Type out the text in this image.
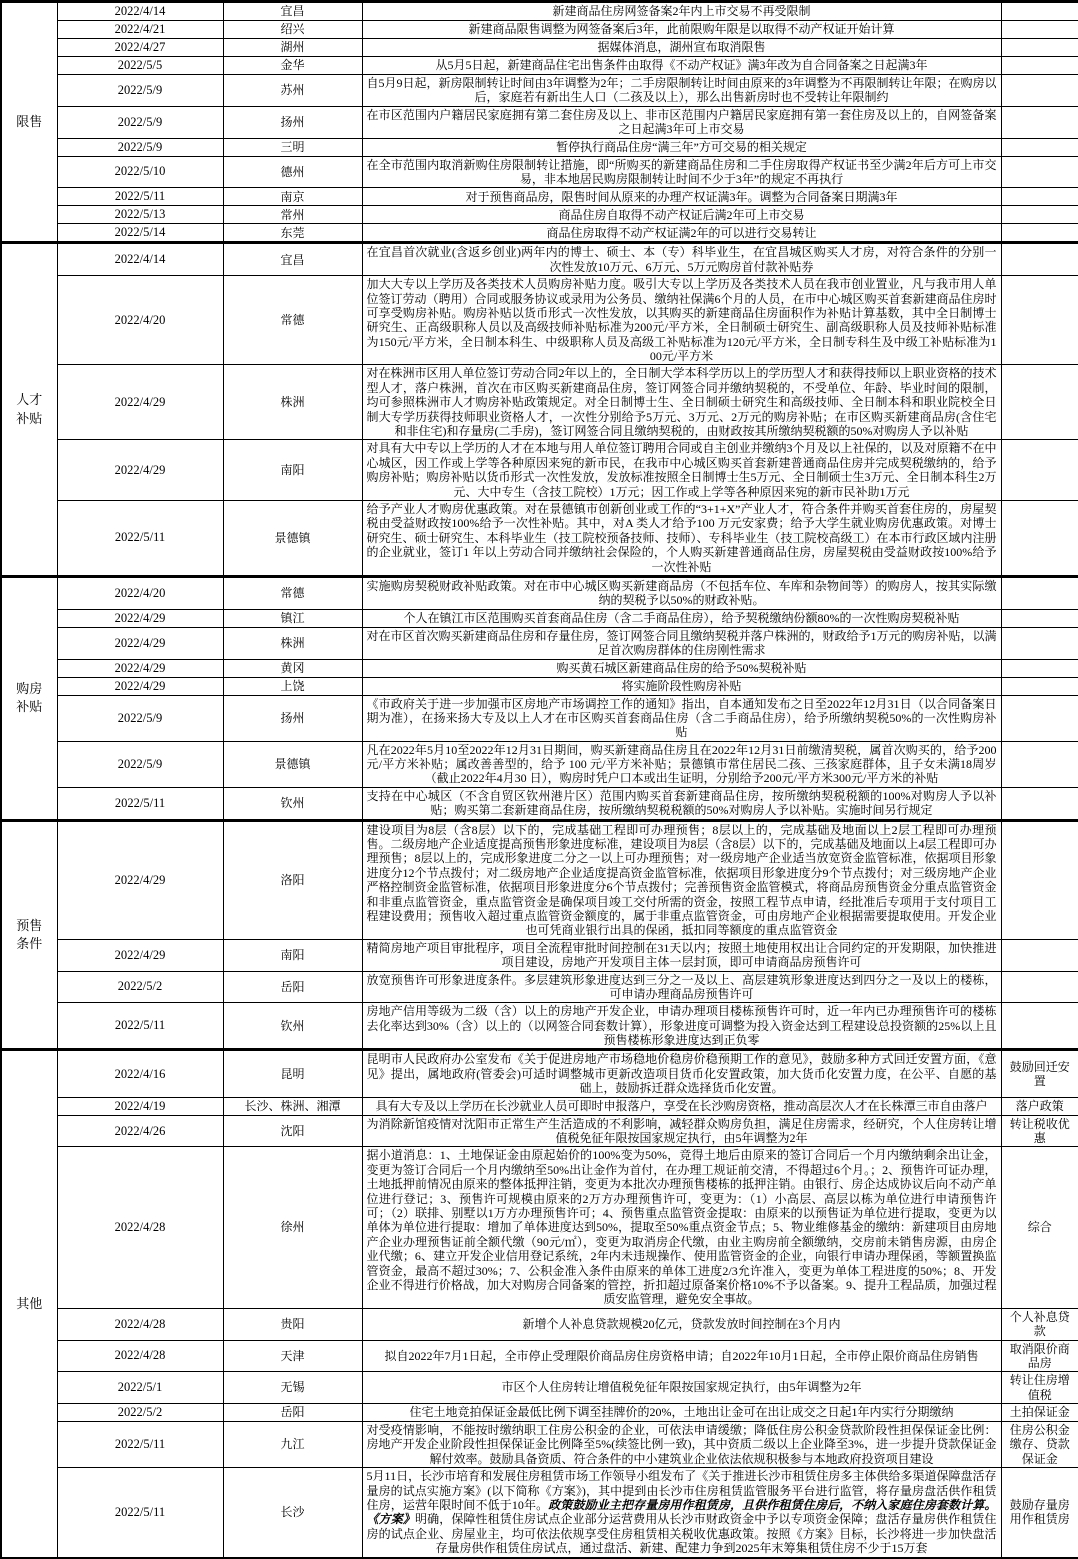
限售	2022/4/14	宜昌	新建商品住房网签备案2年内上市交易不再受限制	
	2022/4/21	绍兴	新建商品限售调整为网签备案后3年，此前限购年限是以取得不动产权证开始计算	
	2022/4/27	湖州	据媒体消息，湖州宣布取消限售	
	2022/5/5	金华	从5月5日起，新建商品住宅出售条件由取得《不动产权证》满3年改为自合同备案之日起满3年	
	2022/5/9	苏州	自5月9日起，新房限制转让时间由3年调整为2年；二手房限制转让时间由原来的3年调整为不再限制转让年限；在购房以后，家庭若有新出生人口（二孩及以上），那么出售新房时也不受转让年限制约	
	2022/5/9	扬州	在市区范围内户籍居民家庭拥有第二套住房及以上、非市区范围内户籍居民家庭拥有第一套住房及以上的，自网签备案之日起满3年可上市交易	
	2022/5/9	三明	暂停执行商品住房“满三年”方可交易的相关规定	
	2022/5/10	德州	在全市范围内取消新购住房限制转让措施，即“所购买的新建商品住房和二手住房取得产权证书至少满2年后方可上市交易，非本地居民购房限制转让时间不少于3年”的规定不再执行	
	2022/5/11	南京	对于预售商品房，限售时间从原来的办理产权证满3年。调整为合同备案日期满3年	
	2022/5/13	常州	商品住房自取得不动产权证后满2年可上市交易	
	2022/5/14	东莞	商品住房取得不动产权证满2年的可以进行交易转让	
人才补贴	2022/4/14	宜昌	在宜昌首次就业(含返乡创业)两年内的博士、硕士、本（专）科毕业生，在宜昌城区购买人才房，对符合条件的分别一次性发放10万元、6万元、5万元购房首付款补贴券	
	2022/4/20	常德	加大大专以上学历及各类技术人员购房补贴力度。吸引大专以上学历及各类技术人员在我市创业置业，凡与我市用人单位签订劳动（聘用）合同或服务协议或录用为公务员、缴纳社保满6个月的人员，在市中心城区购买首套新建商品住房时可享受购房补贴。购房补贴以货币形式一次性发放，以其购买的新建商品住房面积作为补贴计算基数，其中全日制博士研究生、正高级职称人员以及高级技师补贴标准为200元/平方米，全日制硕士研究生、副高级职称人员及技师补贴标准为150元/平方米，全日制本科生、中级职称人员及高级工补贴标准为120元/平方米，全日制专科生及中级工补贴标准为100元/平方米	
	2022/4/29	株洲	对在株洲市区用人单位签订劳动合同2年以上的，全日制大学本科学历以上的学历型人才和获得技师以上职业资格的技术型人才，落户株洲，首次在市区购买新建商品住房，签订网签合同并缴纳契税的，不受单位、年龄、毕业时间的限制，均可参照株洲市人才购房补贴政策规定。对全日制博士生、全日制硕士研究生和高级技师、全日制本科和职业院校全日制大专学历获得技师职业资格人才，一次性分别给予5万元、3万元、2万元的购房补贴；在市区购买新建商品房(含住宅和非住宅)和存量房(二手房)，签订网签合同且缴纳契税的，由财政按其所缴纳契税额的50%对购房人予以补贴	
	2022/4/29	南阳	对具有大中专以上学历的人才在本地与用人单位签订聘用合同或自主创业并缴纳3个月及以上社保的，以及对原籍不在中心城区，因工作或上学等各种原因来宛的新市民，在我市中心城区购买首套新建普通商品住房并完成契税缴纳的，给予购房补贴；购房补贴以货币形式一次性发放，发放标准按照全日制博士生5万元、全日制硕士生3万元、全日制本科生2万元、大中专生（含技工院校）1万元；因工作或上学等各种原因来宛的新市民补助1万元	
	2022/5/11	景德镇	给予产业人才购房优惠政策。对在景德镇市创新创业或工作的“3+1+X”产业人才，符合条件并购买首套住房的，房屋契税由受益财政按100%给予一次性补贴。其中，对A 类人才给予100 万元安家费；给予大学生就业购房优惠政策。对博士研究生、硕士研究生、本科毕业生（技工院校预备技师、技师）、专科毕业生（技工院校高级工）在本市行政区域内注册的企业就业，签订1 年以上劳动合同并缴纳社会保险的，个人购买新建普通商品住房，房屋契税由受益财政按100%给予一次性补贴	
购房补贴	2022/4/20	常德	实施购房契税财政补贴政策。对在市中心城区购买新建商品房（不包括车位、车库和杂物间等）的购房人，按其实际缴纳的契税予以50%的财政补贴。	
	2022/4/29	镇江	个人在镇江市区范围购买首套商品住房（含二手商品住房），给予契税缴纳份额80%的一次性购房契税补贴	
	2022/4/29	株洲	对在市区首次购买新建商品住房和存量住房，签订网签合同且缴纳契税并落户株洲的，财政给予1万元的购房补贴，以满足首次购房群体的住房刚性需求	
	2022/4/29	黄冈	购买黄石城区新建商品住房的给予50%契税补贴	
	2022/4/29	上饶	将实施阶段性购房补贴	
	2022/5/9	扬州	《市政府关于进一步加强市区房地产市场调控工作的通知》指出，自本通知发布之日至2022年12月31日（以合同备案日期为准），在扬来扬大专及以上人才在市区购买首套商品住房（含二手商品住房），给予所缴纳契税50%的一次性购房补贴	
	2022/5/9	景德镇	凡在2022年5月10至2022年12月31日期间，购买新建商品住房且在2022年12月31日前缴清契税，属首次购买的，给予200元/平方米补贴；属改善善型的，给予 100 元/平方米补贴；景德镇市常住居民二孩、三孩家庭群体，且子女未满18周岁（截止2022年4月30 日），购房时凭户口本或出生证明，分别给予200元/平方米300元/平方米的补贴	
	2022/5/11	钦州	支持在中心城区（不含自贸区钦州港片区）范围内购买首套新建商品住房，按所缴纳契税税额的100%对购房人予以补贴；购买第二套新建商品住房，按所缴纳契税税额的50%对购房人予以补贴。实施时间另行规定	
预售条件	2022/4/29	洛阳	建设项目为8层（含8层）以下的，完成基础工程即可办理预售；8层以上的，完成基础及地面以上2层工程即可办理预售。二级房地产企业适度提高预售形象进度标准，建设项目为8层（含8层）以下的，完成基础及地面以上4层工程即可办理预售；8层以上的，完成形象进度二分之一以上可办理预售；对一级房地产企业适当放宽资金监管标准，依据项目形象进度分12个节点拨付；对二级房地产企业适度提高资金监管标准，依据项目形象进度分9个节点拨付；对三级房地产企业严格控制资金监管标准，依据项目形象进度分6个节点拨付；完善预售资金监管模式，将商品房预售资金分重点监管资金和非重点监管资金，重点监管资金是确保项目竣工交付所需的资金，按照工程节点申请，经批准后专项用于支付项目工程建设费用；预售收入超过重点监管资金额度的，属于非重点监管资金，可由房地产企业根据需要提取使用。开发企业也可凭商业银行出具的保函，抵扣同等额度的重点监管资金	
	2022/4/29	南阳	精简房地产项目审批程序，项目全流程审批时间控制在31天以内；按照土地使用权出让合同约定的开发期限，加快推进项目建设，房地产开发项目主体一层封顶，即可申请商品房预售许可	
	2022/5/2	岳阳	放宽预售许可形象进度条件。多层建筑形象进度达到三分之一及以上、高层建筑形象进度达到四分之一及以上的楼栋，可申请办理商品房预售许可	
	2022/5/11	钦州	房地产信用等级为二级（含）以上的房地产开发企业，申请办理项目楼栋预售许可时，近一年内已办理预售许可的楼栋去化率达到30%（含）以上的（以网签合同套数计算），形象进度可调整为投入资金达到工程建设总投资额的25%以上且预售楼栋形象进度达到正负零	
其他	2022/4/16	昆明	昆明市人民政府办公室发布《关于促进房地产市场稳地价稳房价稳预期工作的意见》，鼓励多种方式回迁安置方面，《意见》提出，属地政府(管委会)可适时调整城市更新改造项目货币化安置政策，加大货币化安置力度，在公平、自愿的基础上，鼓励拆迁群众选择货币化安置。	鼓励回迁安置
	2022/4/19	长沙、株洲、湘潭	具有大专及以上学历在长沙就业人员可即时申报落户，享受在长沙购房资格，推动高层次人才在长株潭三市自由落户	落户政策
	2022/4/26	沈阳	为消除新馆疫情对沈阳市正常生产生活造成的不利影响，减轻群众购房负担，满足住房需求，经研究，个人住房转让增值税免征年限按国家规定执行，由5年调整为2年	转让税收优惠
	2022/4/28	徐州	据小道消息：1、土地保证金由原起始价的100%变为50%，竞得土地后由原来的签订合同后一个月内缴纳剩余出让金，变更为签订合同后一个月内缴纳至50%出让金作为首付，在办理工规证前交清，不得超过6个月。；2、预售许可证办理，土地抵押前情况由原来的整体抵押注销，变更为本批次办理预售楼栋的抵押注销。由银行、房企达成协议后向不动产单位进行登记；3、预售许可规模由原来的2万方办理预售许可，变更为：（1）小高层、高层以栋为单位进行申请预售许可；（2）联排、别墅以1万方办理预售许可；4、预售重点监管资金提取：由原来的以预售证为单位进行提取，变更为以单体为单位进行提取：增加了单体进度达到50%，提取至50%重点资金节点；5、物业维修基金的缴纳：新建项目由房地产企业办理预售证前全额代缴（90元/㎡），变更为取消房企代缴，由业主购房前全额缴纳，交房前未销售房源，由房企业代缴；6、建立开发企业信用登记系统，2年内未违规操作、使用监管资金的企业，向银行申请办理保函，等额置换监管资金，最高不超过30%；7、公积金准入条件由原来的单体工进度2/3允许准入，变更为单体工程进度的50%；8、开发企业不得进行价格战，加大对购房合同备案的管控，折扣超过原备案价格10%不予以备案。9、提升工程品质，加强过程质安监管理，避免安全事故。	综合
	2022/4/28	贵阳	新增个人补息贷款规模20亿元，贷款发放时间控制在3个月内	个人补息贷款
	2022/4/28	天津	拟自2022年7月1日起，全市停止受理限价商品房住房资格申请；自2022年10月1日起，全市停止限价商品住房销售	取消限价商品房
	2022/5/1	无锡	市区个人住房转让增值税免征年限按国家规定执行，由5年调整为2年	转让住房增值税
	2022/5/2	岳阳	住宅土地竞拍保证金最低比例下调至挂牌价的20%，土地出让金可在出让成交之日起1年内实行分期缴纳	土拍保证金
	2022/5/11	九江	对受疫情影响，不能按时缴纳职工住房公积金的企业，可依法申请缓缴；降低住房公积金贷款阶段性担保保证金比例：房地产开发企业阶段性担保保证金比例降至5%(续签比例一致)，其中资质二级以上企业降至3%，进一步提升贷款保证金解付效率。鼓励具备资质、符合条件的中小建筑业企业依法依规积极参与本地政府投资项目建设	住房公积金缴存、贷款保证金
	2022/5/11	长沙	5月11日，长沙市培育和发展住房租赁市场工作领导小组发布了《关于推进长沙市租赁住房多主体供给多渠道保障盘活存量房的试点实施方案》(以下简称《方案》)，其中提到由长沙市住房租赁监管服务平台进行监管，将存量房盘活供作租赁住房，运营年限时间不低于10年。政策鼓励业主把存量房用作租赁房，且供作租赁住房后，不纳入家庭住房套数计算。《方案》明确，保障性租赁住房试点企业部分运营费用从长沙市财政资金中予以专项资金保障；盘活存量房供作租赁住房的试点企业、房屋业主，均可依法依规享受住房租赁相关税收优惠政策。按照《方案》目标，长沙将进一步加快盘活存量房供作租赁住房试点，通过盘活、新建、配建力争到2025年末筹集租赁住房不少于15万套	鼓励存量房用作租赁房
